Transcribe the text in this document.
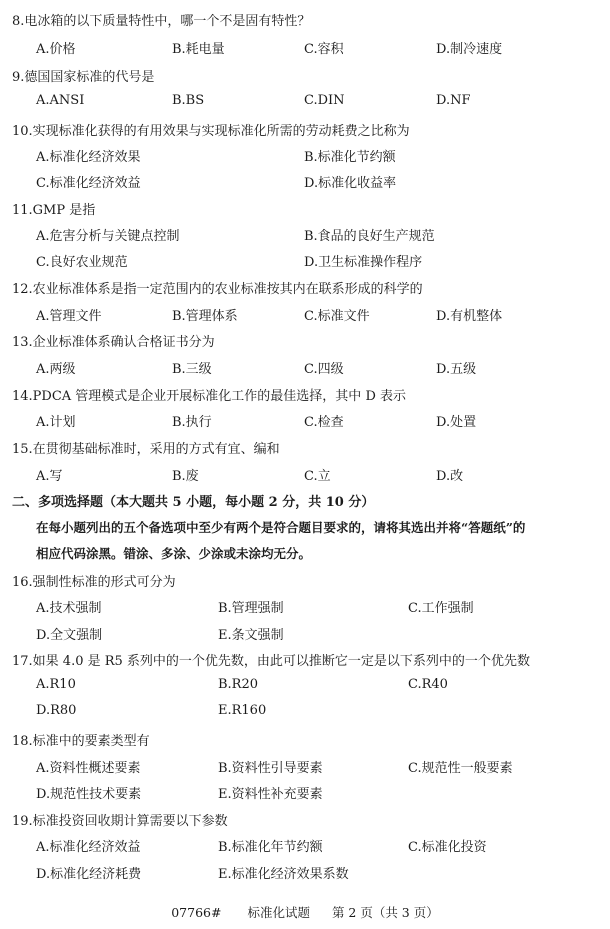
8.电冰箱的以下质量特性中，哪一个不是固有特性？
A.价格	B.耗电量	C.容积	D.制冷速度
9.德国国家标准的代号是
A.ANSI	B.BS	C.DIN	D.NF
10.实现标准化获得的有用效果与实现标准化所需的劳动耗费之比称为
A.标准化经济效果	B.标准化节约额
C.标准化经济效益	D.标准化收益率
11.GMP 是指
A.危害分析与关键点控制	B.食品的良好生产规范
C.良好农业规范	D.卫生标准操作程序
12.农业标准体系是指一定范围内的农业标准按其内在联系形成的科学的
A.管理文件	B.管理体系	C.标准文件	D.有机整体
13.企业标准体系确认合格证书分为
A.两级	B.三级	C.四级	D.五级
14.PDCA 管理模式是企业开展标准化工作的最佳选择，其中 D 表示
A.计划	B.执行	C.检查	D.处置
15.在贯彻基础标准时，采用的方式有宜、编和
A.写	B.废	C.立	D.改
二、多项选择题（本大题共 5 小题，每小题 2 分，共 10 分）
在每小题列出的五个备选项中至少有两个是符合题目要求的，请将其选出并将“答题纸”的
相应代码涂黑。错涂、多涂、少涂或未涂均无分。
16.强制性标准的形式可分为
A.技术强制	B.管理强制	C.工作强制
D.全文强制	E.条文强制
17.如果 4.0 是 R5 系列中的一个优先数，由此可以推断它一定是以下系列中的一个优先数
A.R10	B.R20	C.R40
D.R80	E.R160
18.标准中的要素类型有
A.资料性概述要素	B.资料性引导要素	C.规范性一般要素
D.规范性技术要素	E.资料性补充要素
19.标准投资回收期计算需要以下参数
A.标准化经济效益	B.标准化年节约额	C.标准化投资
D.标准化经济耗费	E.标准化经济效果系数
07766# 标准化试题 第 2 页（共 3 页）
